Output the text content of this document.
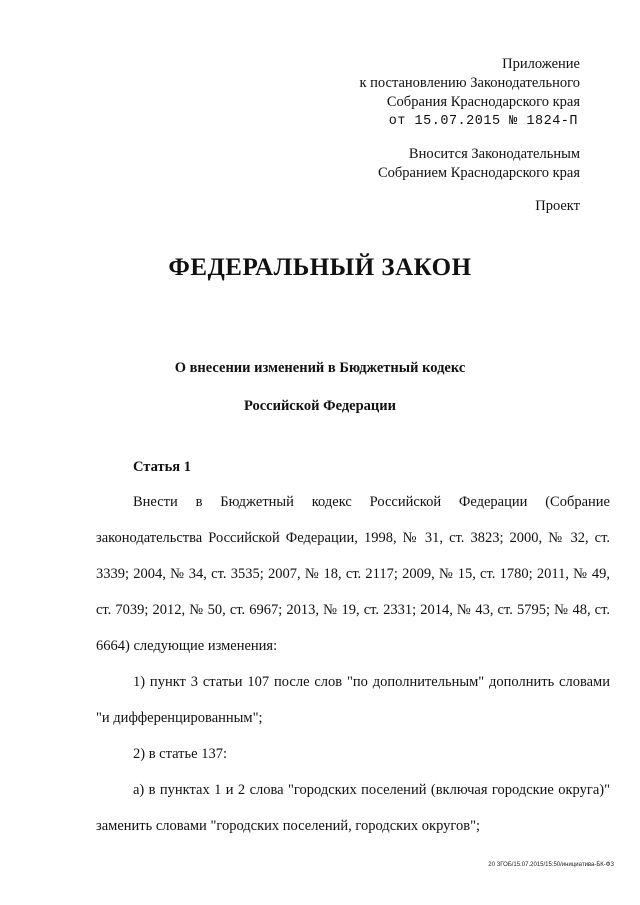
Приложение
к постановлению Законодательного
Собрания Краснодарского края
от 15.07.2015 № 1824-П
Вносится Законодательным
Собранием Краснодарского края
Проект
ФЕДЕРАЛЬНЫЙ ЗАКОН
О внесении изменений в Бюджетный кодекс
Российской Федерации
Статья 1

Внести в Бюджетный кодекс Российской Федерации (Собрание законодательства Российской Федерации, 1998, № 31, ст. 3823; 2000, № 32, ст. 3339; 2004, № 34, ст. 3535; 2007, № 18, ст. 2117; 2009, № 15, ст. 1780; 2011, № 49, ст. 7039; 2012, № 50, ст. 6967; 2013, № 19, ст. 2331; 2014, № 43, ст. 5795; № 48, ст. 6664) следующие изменения:

1) пункт 3 статьи 107 после слов "по дополнительным" дополнить словами "и дифференцированным";

2) в статье 137:

а) в пунктах 1 и 2 слова "городских поселений (включая городские округа)" заменить словами "городских поселений, городских округов";

20 ЗГОБ/15.07.2015/15:50/инициатива-БК-ФЗ
